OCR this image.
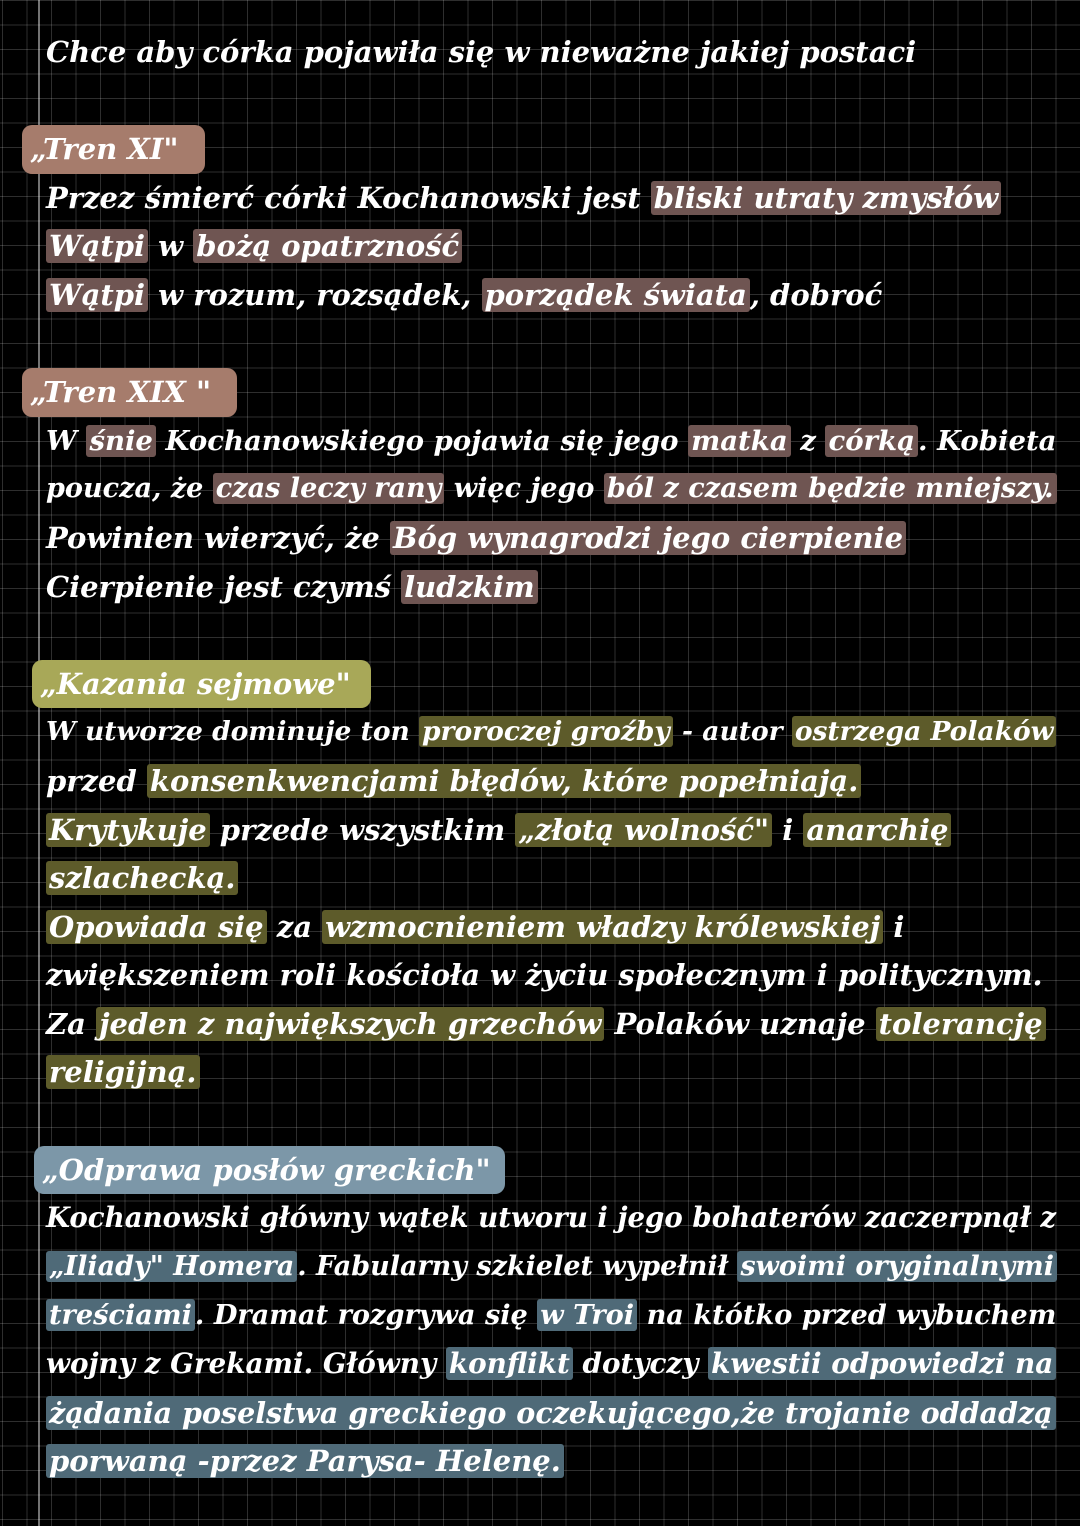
Chce aby córka pojawiła się w nieważne jakiej postaci
„Tren XI"
Przez śmierć córki Kochanowski jest bliski utraty zmysłów
Wątpi w bożą opatrzność
Wątpi w rozum, rozsądek, porządek świata , dobroć
„Tren XIX "
W śnie Kochanowskiego pojawia się jego matka z córką . Kobieta
poucza, że czas leczy rany więc jego ból z czasem będzie mniejszy.
Powinien wierzyć, że Bóg wynagrodzi jego cierpienie
Cierpienie jest czymś ludzkim
„Kazania sejmowe"
W utworze dominuje ton proroczej groźby - autor ostrzega Polaków
przed konsenkwencjami błędów, które popełniają.
Krytykuje przede wszystkim „złotą wolność" i anarchię
szlachecką.
Opowiada się za wzmocnieniem władzy królewskiej i
zwiększeniem roli kościoła w życiu społecznym i politycznym.
Za jeden z największych grzechów Polaków uznaje tolerancję
religijną.
„Odprawa posłów greckich"
Kochanowski główny wątek utworu i jego bohaterów zaczerpnął z
„Iliady" Homera . Fabularny szkielet wypełnił swoimi oryginalnymi
treściami . Dramat rozgrywa się w Troi na któtko przed wybuchem
wojny z Grekami. Główny konflikt dotyczy kwestii odpowiedzi na
żądania poselstwa greckiego oczekującego,że trojanie oddadzą
porwaną -przez Parysa- Helenę.
